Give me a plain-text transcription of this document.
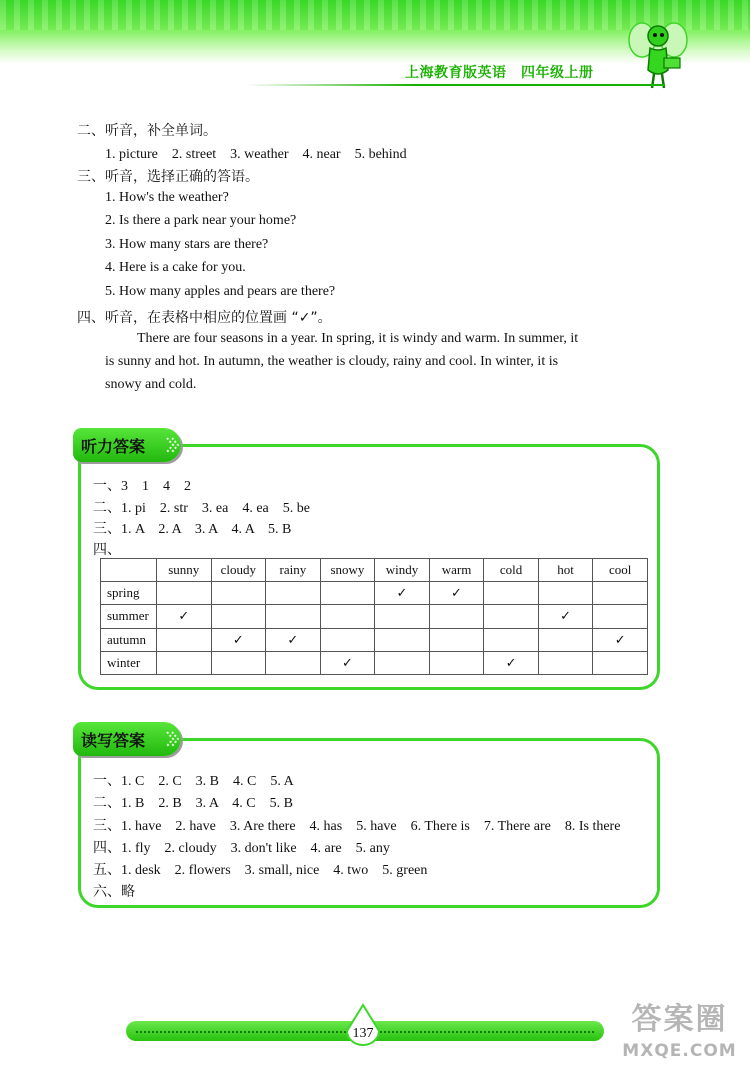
上海教育版英语　四年级上册
二、听音，补全单词。
1. picture　2. street　3. weather　4. near　5. behind
三、听音，选择正确的答语。
1. How's the weather?
2. Is there a park near your home?
3. How many stars are there?
4. Here is a cake for you.
5. How many apples and pears are there?
四、听音，在表格中相应的位置画 “✓”。
There are four seasons in a year. In spring, it is windy and warm. In summer, it
is sunny and hot. In autumn, the weather is cloudy, rainy and cool. In winter, it is
snowy and cold.
听力答案
一、3　1　4　2
二、1. pi　2. str　3. ea　4. ea　5. be
三、1. A　2. A　3. A　4. A　5. B
四、
	sunny	cloudy	rainy	snowy	windy	warm	cold	hot	cool
spring					✓	✓			
summer	✓							✓	
autumn		✓	✓						✓
winter				✓			✓		
读写答案
一、1. C　2. C　3. B　4. C　5. A
二、1. B　2. B　3. A　4. C　5. B
三、1. have　2. have　3. Are there　4. has　5. have　6. There is　7. There are　8. Is there
四、1. fly　2. cloudy　3. don't like　4. are　5. any
五、1. desk　2. flowers　3. small, nice　4. two　5. green
六、略
137	答案圈
MXQE.COM
